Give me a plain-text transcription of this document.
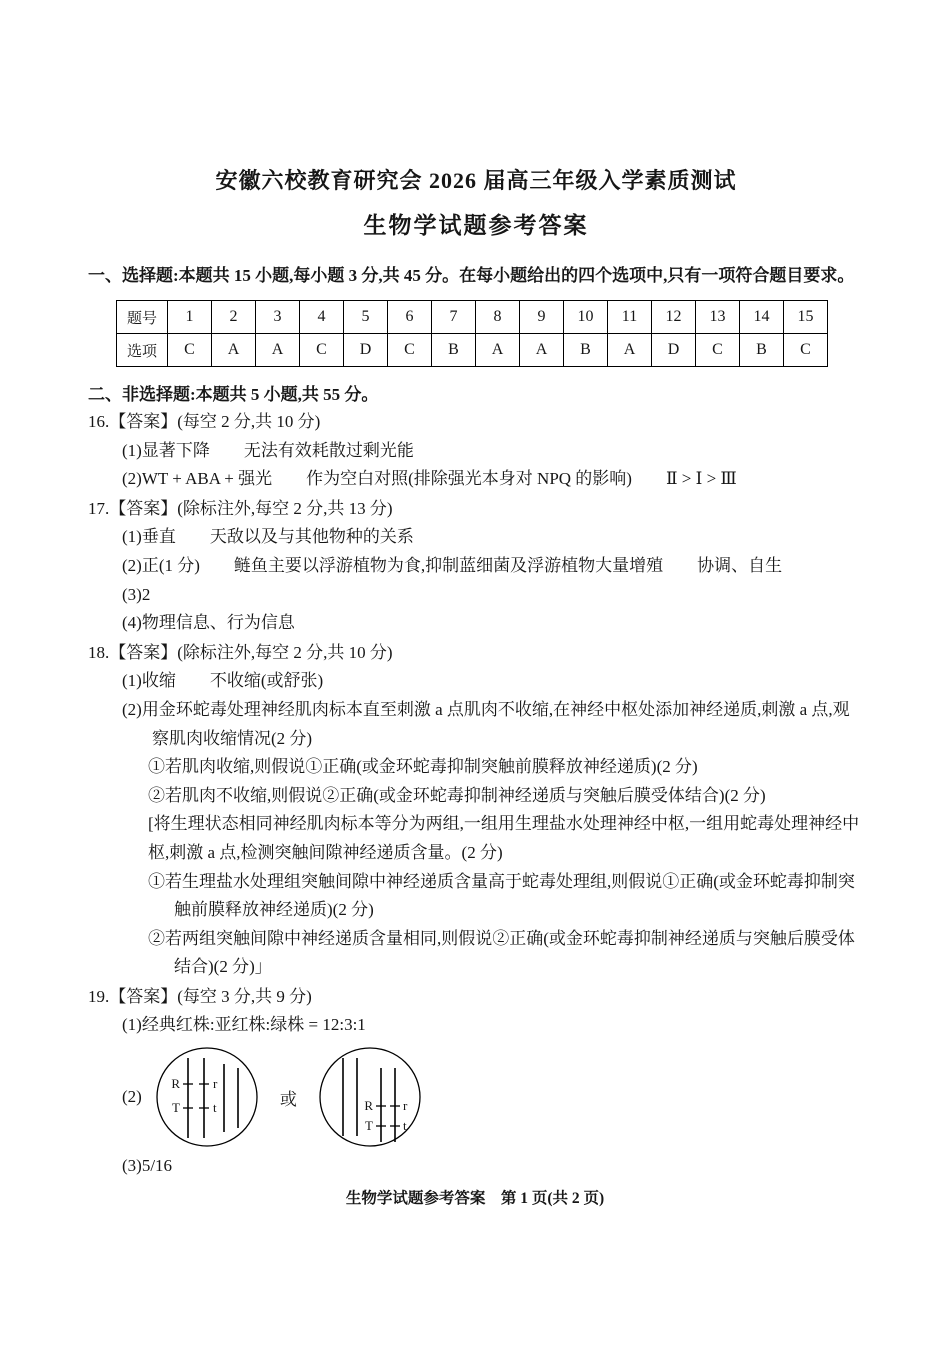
安徽六校教育研究会 2026 届高三年级入学素质测试
生物学试题参考答案
一、选择题:本题共 15 小题,每小题 3 分,共 45 分。在每小题给出的四个选项中,只有一项符合题目要求。
题号	1	2	3	4	5	6	7	8	9	10	11	12	13	14	15
选项	C	A	A	C	D	C	B	A	A	B	A	D	C	B	C
二、非选择题:本题共 5 小题,共 55 分。
16.【答案】(每空 2 分,共 10 分)
(1)显著下降　　无法有效耗散过剩光能
(2)WT + ABA + 强光　　作为空白对照(排除强光本身对 NPQ 的影响)　　Ⅱ > Ⅰ > Ⅲ
17.【答案】(除标注外,每空 2 分,共 13 分)
(1)垂直　　天敌以及与其他物种的关系
(2)正(1 分)　　鲢鱼主要以浮游植物为食,抑制蓝细菌及浮游植物大量增殖　　协调、自生
(3)2
(4)物理信息、行为信息
18.【答案】(除标注外,每空 2 分,共 10 分)
(1)收缩　　不收缩(或舒张)
(2)用金环蛇毒处理神经肌肉标本直至刺激 a 点肌肉不收缩,在神经中枢处添加神经递质,刺激 a 点,观察肌肉收缩情况(2 分)
①若肌肉收缩,则假说①正确(或金环蛇毒抑制突触前膜释放神经递质)(2 分)
②若肌肉不收缩,则假说②正确(或金环蛇毒抑制神经递质与突触后膜受体结合)(2 分)
[将生理状态相同神经肌肉标本等分为两组,一组用生理盐水处理神经中枢,一组用蛇毒处理神经中枢,刺激 a 点,检测突触间隙神经递质含量。(2 分)
①若生理盐水处理组突触间隙中神经递质含量高于蛇毒处理组,则假说①正确(或金环蛇毒抑制突触前膜释放神经递质)(2 分)
②若两组突触间隙中神经递质含量相同,则假说②正确(或金环蛇毒抑制神经递质与突触后膜受体结合)(2 分)」
19.【答案】(每空 3 分,共 9 分)
(1)经典红株:亚红株:绿株 = 12:3:1
(2)
R	r
T	t	或	R r
T t
(3)5/16
生物学试题参考答案　第 1 页(共 2 页)
